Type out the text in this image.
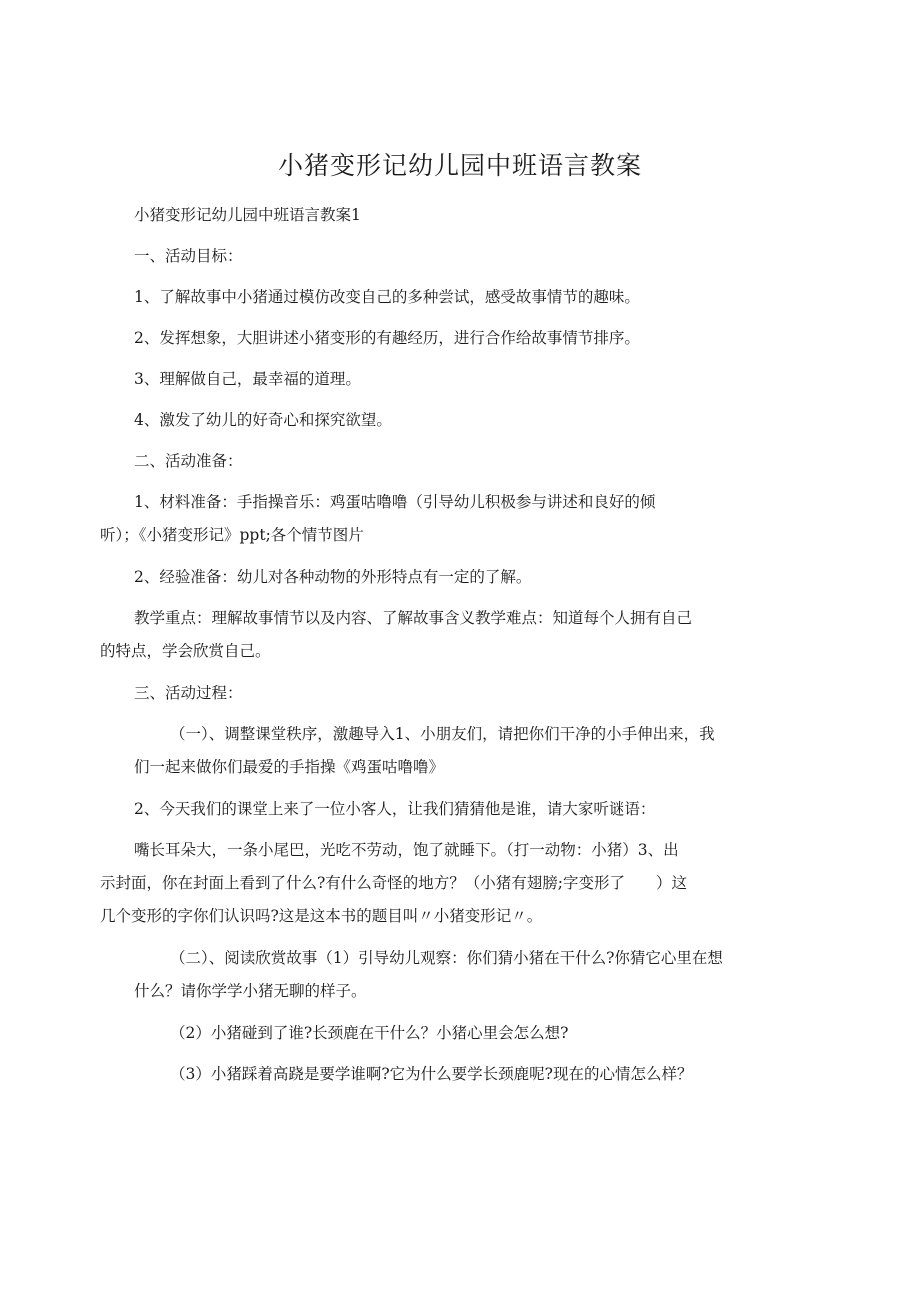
小猪变形记幼儿园中班语言教案

小猪变形记幼儿园中班语言教案1

一、活动目标：

1、了解故事中小猪通过模仿改变自己的多种尝试，感受故事情节的趣味。

2、发挥想象，大胆讲述小猪变形的有趣经历，进行合作给故事情节排序。

3、理解做自己，最幸福的道理。

4、激发了幼儿的好奇心和探究欲望。

二、活动准备：

1、材料准备：手指操音乐：鸡蛋咕噜噜（引导幼儿积极参与讲述和良好的倾
听）；《小猪变形记》ppt;各个情节图片

2、经验准备：幼儿对各种动物的外形特点有一定的了解。

教学重点：理解故事情节以及内容、了解故事含义教学难点：知道每个人拥有自己
的特点，学会欣赏自己。

三、活动过程：

（一）、调整课堂秩序，激趣导入1、小朋友们，请把你们干净的小手伸出来，我
们一起来做你们最爱的手指操《鸡蛋咕噜噜》

2、今天我们的课堂上来了一位小客人，让我们猜猜他是谁，请大家听谜语：

嘴长耳朵大，一条小尾巴，光吃不劳动，饱了就睡下。（打一动物：小猪）3、出
示封面，你在封面上看到了什么?有什么奇怪的地方？（小猪有翅膀;字变形了　　）这
几个变形的字你们认识吗?这是这本书的题目叫〃小猪变形记〃。
（二）、阅读欣赏故事（1）引导幼儿观察：你们猜小猪在干什么?你猜它心里在想
什么？请你学学小猪无聊的样子。

（2）小猪碰到了谁?长颈鹿在干什么？小猪心里会怎么想?

（3）小猪踩着高跷是要学谁啊?它为什么要学长颈鹿呢?现在的心情怎么样？
